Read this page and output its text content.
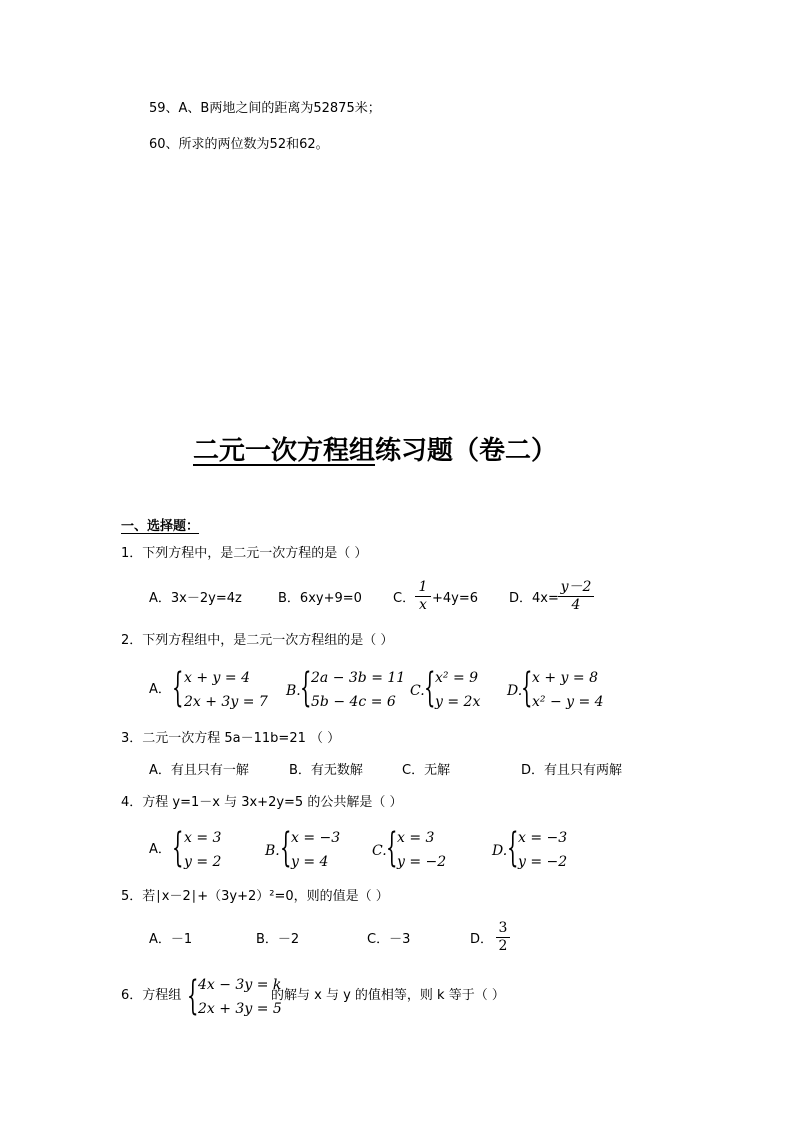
59、A、B两地之间的距离为52875米；
60、所求的两位数为52和62。
二元一次方程组练习题（卷二）
一、选择题：
1．下列方程中，是二元一次方程的是（ ）
A．3x－2y=4z	B．6xy+9=0 C．
1
x +4y=6 D．4x=
y－2
4
2．下列方程组中，是二元一次方程组的是（ ）
A． { x + y = 4
2x + 3y = 7
B. { 2a − 3b = 11
5b − 4c = 6
C. { x² = 9
y = 2x
D.
{ x + y = 8
x² − y = 4
3．二元一次方程 5a－11b=21 （ ）
A．有且只有一解	B．有无数解	C．无解	D．有且只有两解
4．方程 y=1－x 与 3x+2y=5 的公共解是（ ）
A． { x = 3
y = 2
B. { x = −3
y = 4
C. { x = 3
y = −2
D. { x = −3
y = −2
5．若∣x－2∣+（3y+2）²=0，则的值是（ ）
A．－1	B．－2	C．－3	D．
3
2
6．方程组 { 4x − 3y = k
2x + 3y = 5
的解与 x 与 y 的值相等，则 k 等于（ ）
